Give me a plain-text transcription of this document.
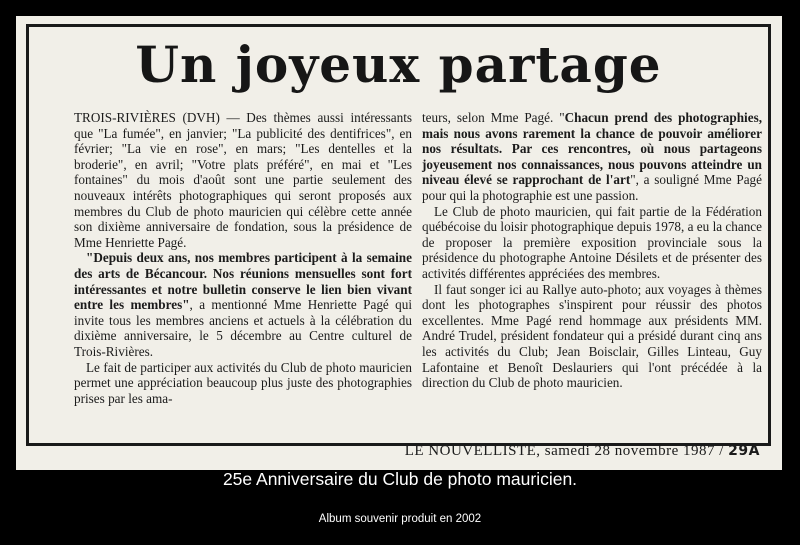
Un joyeux partage

TROIS-RIVIÈRES (DVH) — Des thèmes aussi intéressants que "La fumée", en janvier; "La publicité des dentifrices", en février; "La vie en rose", en mars; "Les dentelles et la broderie", en avril; "Votre plats préféré", en mai et "Les fontaines" du mois d'août sont une partie seulement des nouveaux intérêts photographiques qui seront proposés aux membres du Club de photo mauricien qui célèbre cette année son dixième anniversaire de fondation, sous la présidence de Mme Henriette Pagé.

"Depuis deux ans, nos membres participent à la semaine des arts de Bécancour. Nos réunions mensuelles sont fort intéressantes et notre bulletin conserve le lien bien vivant entre les membres", a mentionné Mme Henriette Pagé qui invite tous les membres anciens et actuels à la célébration du dixième anniversaire, le 5 décembre au Centre culturel de Trois-Rivières.

Le fait de participer aux activités du Club de photo mauricien permet une appréciation beaucoup plus juste des photographies prises par les ama-

teurs, selon Mme Pagé. "Chacun prend des photographies, mais nous avons rarement la chance de pouvoir améliorer nos résultats. Par ces rencontres, où nous partageons joyeusement nos connaissances, nous pouvons atteindre un niveau élevé se rapprochant de l'art", a souligné Mme Pagé pour qui la photographie est une passion.

Le Club de photo mauricien, qui fait partie de la Fédération québécoise du loisir photographique depuis 1978, a eu la chance de proposer la première exposition provinciale sous la présidence du photographe Antoine Désilets et de présenter des activités différentes appréciées des membres.

Il faut songer ici au Rallye auto-photo; aux voyages à thèmes dont les photographes s'inspirent pour réussir des photos excellentes. Mme Pagé rend hommage aux présidents MM. André Trudel, président fondateur qui a présidé durant cinq ans les activités du Club; Jean Boisclair, Gilles Linteau, Guy Lafontaine et Benoît Deslauriers qui l'ont précédée à la direction du Club de photo mauricien.

LE NOUVELLISTE, samedi 28 novembre 1987 / 29A
25e Anniversaire du Club de photo mauricien.
Album souvenir produit en 2002
